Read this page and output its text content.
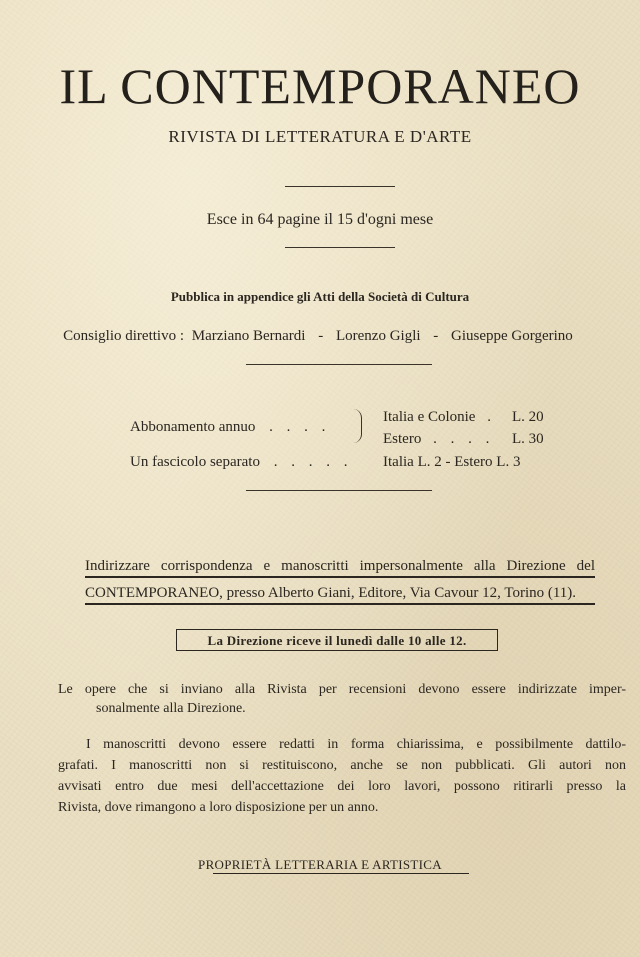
IL CONTEMPORANEO
RIVISTA DI LETTERATURA E D'ARTE
Esce in 64 pagine il 15 d'ogni mese
Pubblica in appendice gli Atti della Società di Cultura
Consiglio direttivo : Marziano Bernardi - Lorenzo Gigli - Giuseppe Gorgerino
Abbonamento annuo . . . .
Italia e Colonie .	L. 20
Estero . . . . L. 30
Un fascicolo separato . . . . . Italia L. 2 - Estero L. 3
Indirizzare corrispondenza e manoscritti impersonalmente alla Direzione del
CONTEMPORANEO, presso Alberto Giani, Editore, Via Cavour 12, Torino (11).
La Direzione riceve il lunedì dalle 10 alle 12.
Le opere che si inviano alla Rivista per recensioni devono essere indirizzate imper-
sonalmente alla Direzione.
I manoscritti devono essere redatti in forma chiarissima, e possibilmente dattilo-
grafati. I manoscritti non si restituiscono, anche se non pubblicati. Gli autori non
avvisati entro due mesi dell'accettazione dei loro lavori, possono ritirarli presso la
Rivista, dove rimangono a loro disposizione per un anno.
PROPRIETÀ LETTERARIA E ARTISTICA
